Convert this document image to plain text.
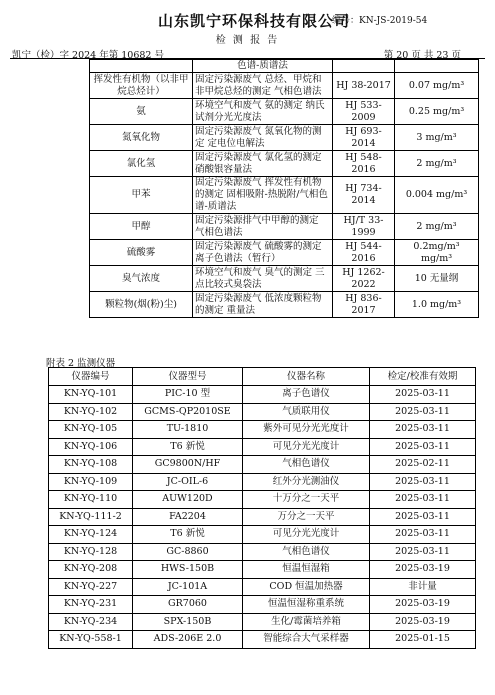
山东凯宁环保科技有限公司
编号：KN-JS-2019-54
检 测 报 告
凯宁（检）字 2024 年第 10682 号	第 20 页 共 23 页
	色谱-质谱法		
挥发性有机物（以非甲烷总烃计）	固定污染源废气 总烃、甲烷和非甲烷总烃的测定 气相色谱法	HJ 38-2017	0.07 mg/m³
氨	环境空气和废气 氨的测定 纳氏试剂分光光度法	HJ 533-2009	0.25 mg/m³
氮氧化物	固定污染源废气 氮氧化物的测定 定电位电解法	HJ 693-2014	3 mg/m³
氯化氢	固定污染源废气 氯化氢的测定 硝酸银容量法	HJ 548-2016	2 mg/m³
甲苯	固定污染源废气 挥发性有机物的测定 固相吸附-热脱附/气相色谱-质谱法	HJ 734-2014	0.004 mg/m³
甲醇	固定污染源排气中甲醇的测定 气相色谱法	HJ/T 33-1999	2 mg/m³
硫酸雾	固定污染源废气 硫酸雾的测定 离子色谱法（暂行）	HJ 544-2016	0.2mg/m³ mg/m³
臭气浓度	环境空气和废气 臭气的测定 三点比较式臭袋法	HJ 1262-2022	10 无量纲
颗粒物(烟(粉)尘)	固定污染源废气 低浓度颗粒物的测定 重量法	HJ 836-2017	1.0 mg/m³
附表 2 监测仪器
仪器编号	仪器型号	仪器名称	检定/校准有效期
KN-YQ-101	PIC-10 型	离子色谱仪	2025-03-11
KN-YQ-102	GCMS-QP2010SE	气质联用仪	2025-03-11
KN-YQ-105	TU-1810	紫外可见分光光度计	2025-03-11
KN-YQ-106	T6 新悦	可见分光光度计	2025-03-11
KN-YQ-108	GC9800N/HF	气相色谱仪	2025-02-11
KN-YQ-109	JC-OIL-6	红外分光测油仪	2025-03-11
KN-YQ-110	AUW120D	十万分之一天平	2025-03-11
KN-YQ-111-2	FA2204	万分之一天平	2025-03-11
KN-YQ-124	T6 新悦	可见分光光度计	2025-03-11
KN-YQ-128	GC-8860	气相色谱仪	2025-03-11
KN-YQ-208	HWS-150B	恒温恒湿箱	2025-03-19
KN-YQ-227	JC-101A	COD 恒温加热器	非计量
KN-YQ-231	GR7060	恒温恒湿称重系统	2025-03-19
KN-YQ-234	SPX-150B	生化/霉菌培养箱	2025-03-19
KN-YQ-558-1	ADS-206E 2.0	智能综合大气采样器	2025-01-15
